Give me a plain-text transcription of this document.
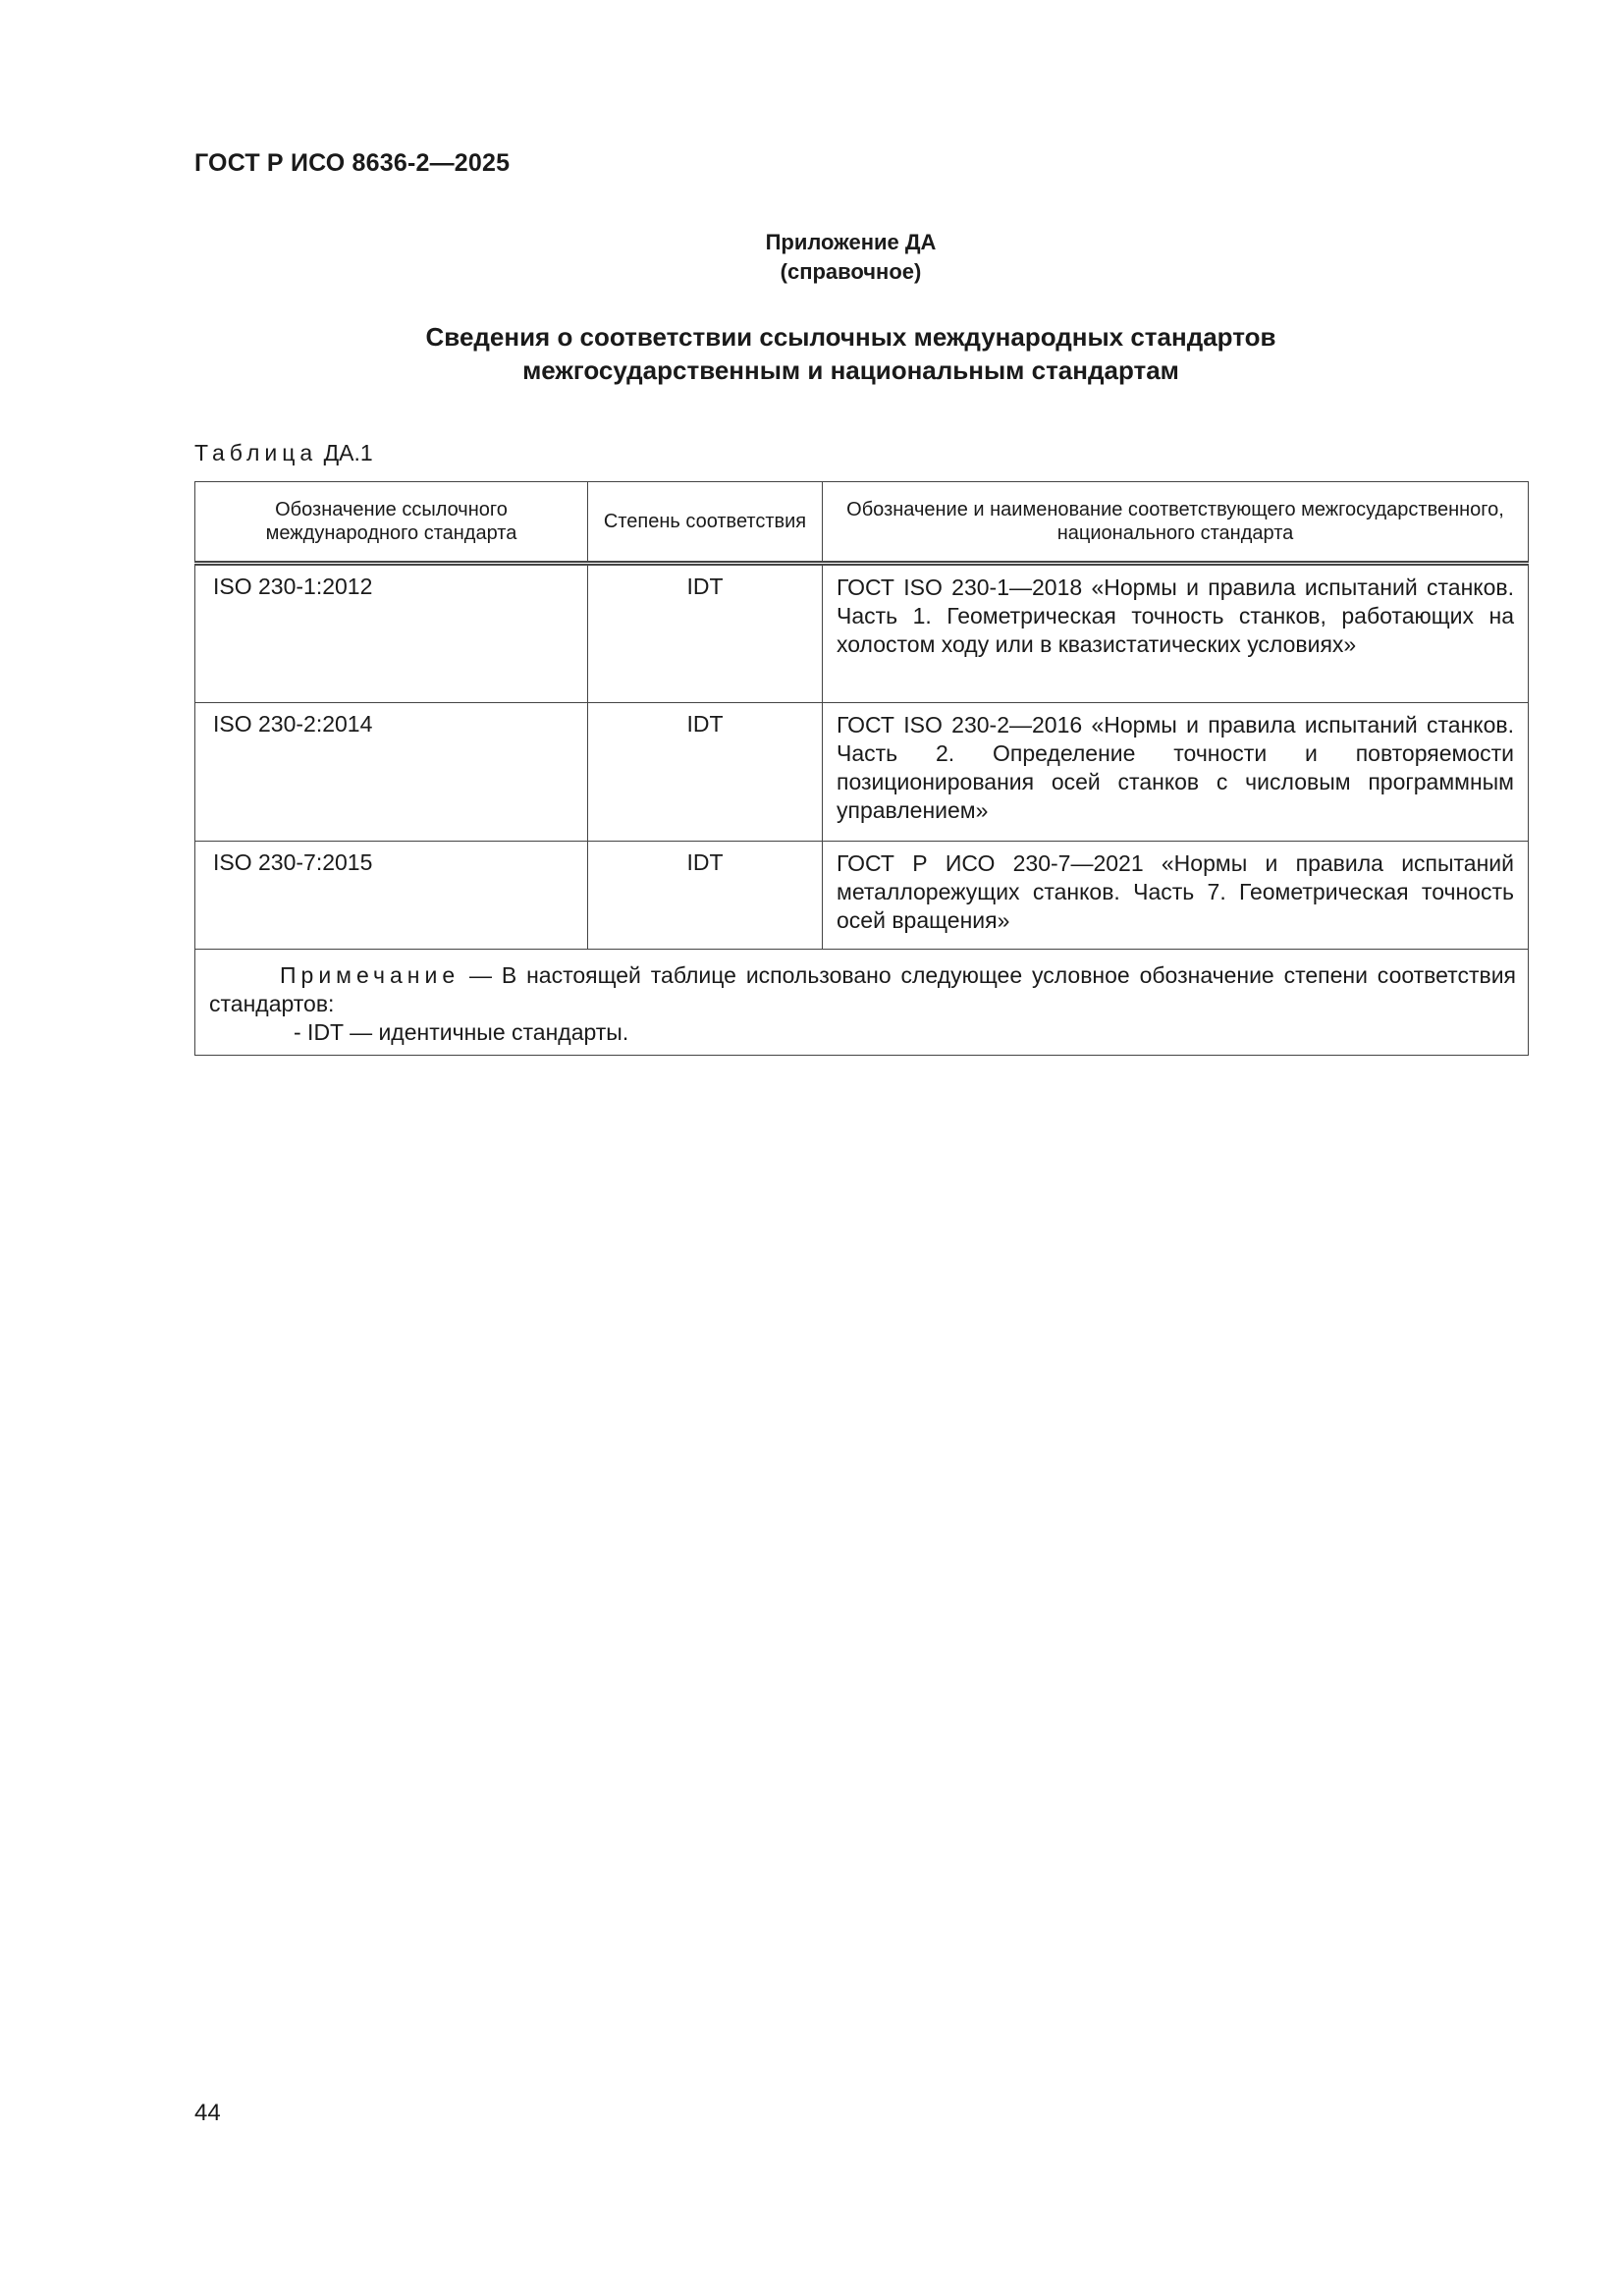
ГОСТ Р ИСО 8636-2—2025
Приложение ДА
(справочное)
Сведения о соответствии ссылочных международных стандартов
межгосударственным и национальным стандартам
Таблица ДА.1
Обозначение ссылочного международного стандарта	Степень соответствия	Обозначение и наименование соответствующего межгосударственного, национального стандарта
ISO 230-1:2012	IDT	ГОСТ ISO 230-1—2018 «Нормы и правила испытаний станков. Часть 1. Геометрическая точность станков, работающих на холостом ходу или в квазистатических условиях»
ISO 230-2:2014	IDT	ГОСТ ISO 230-2—2016 «Нормы и правила испытаний станков. Часть 2. Определение точности и повторяемости позиционирования осей станков с числовым программным управлением»
ISO 230-7:2015	IDT	ГОСТ Р ИСО 230-7—2021 «Нормы и правила испытаний металлорежущих станков. Часть 7. Геометрическая точность осей вращения»
Примечание — В настоящей таблице использовано следующее условное обозначение степени соответствия стандартов:
- IDT — идентичные стандарты.		
44
